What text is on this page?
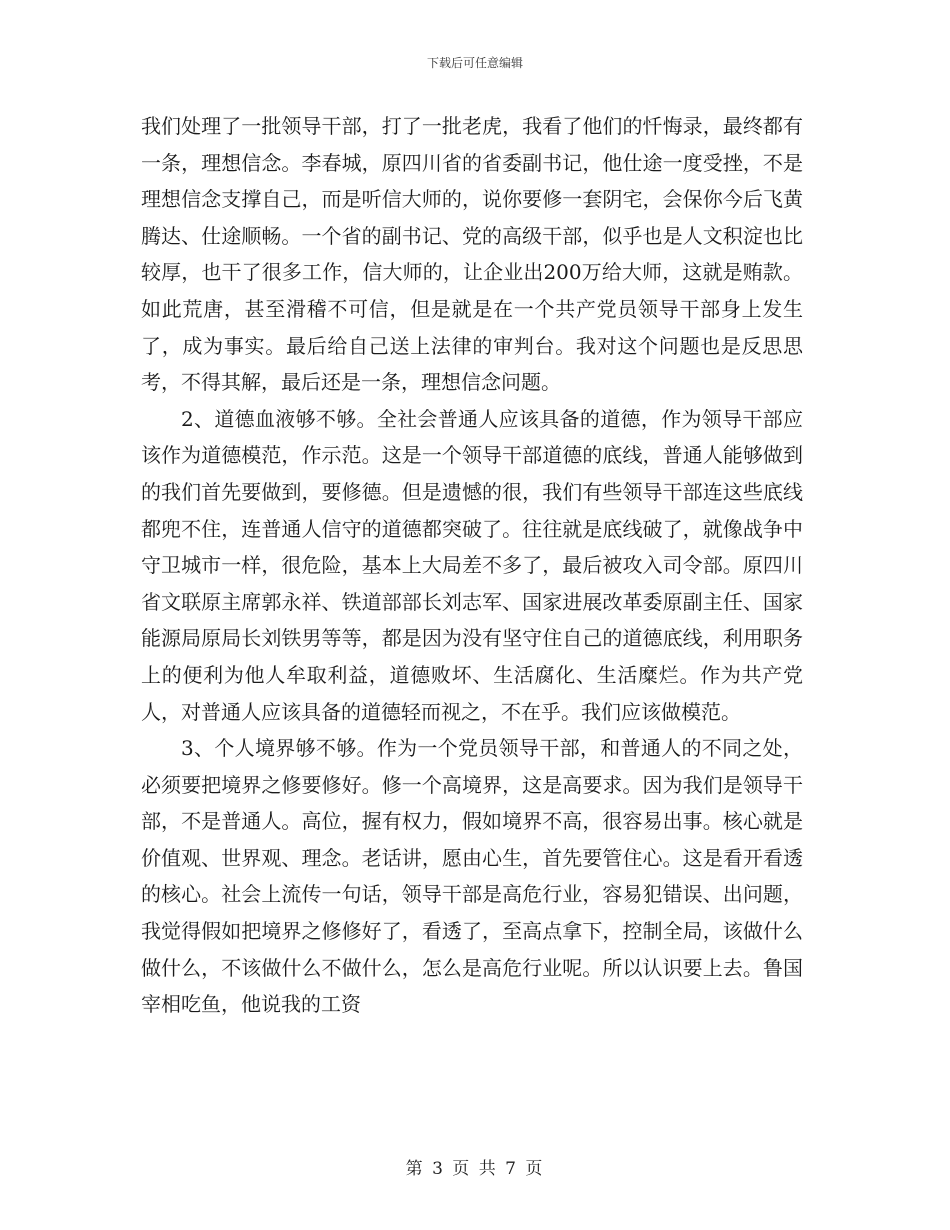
下载后可任意编辑

我们处理了一批领导干部，打了一批老虎，我看了他们的忏悔录，最终都有一条，理想信念。李春城，原四川省的省委副书记，他仕途一度受挫，不是理想信念支撑自己，而是听信大师的，说你要修一套阴宅，会保你今后飞黄腾达、仕途顺畅。一个省的副书记、党的高级干部，似乎也是人文积淀也比较厚，也干了很多工作，信大师的，让企业出200万给大师，这就是贿款。如此荒唐，甚至滑稽不可信，但是就是在一个共产党员领导干部身上发生了，成为事实。最后给自己送上法律的审判台。我对这个问题也是反思思考，不得其解，最后还是一条，理想信念问题。

2、道德血液够不够。全社会普通人应该具备的道德，作为领导干部应该作为道德模范，作示范。这是一个领导干部道德的底线，普通人能够做到的我们首先要做到，要修德。但是遗憾的很，我们有些领导干部连这些底线都兜不住，连普通人信守的道德都突破了。往往就是底线破了，就像战争中守卫城市一样，很危险，基本上大局差不多了，最后被攻入司令部。原四川省文联原主席郭永祥、铁道部部长刘志军、国家进展改革委原副主任、国家能源局原局长刘铁男等等，都是因为没有坚守住自己的道德底线，利用职务上的便利为他人牟取利益，道德败坏、生活腐化、生活糜烂。作为共产党人，对普通人应该具备的道德轻而视之，不在乎。我们应该做模范。

3、个人境界够不够。作为一个党员领导干部，和普通人的不同之处，必须要把境界之修要修好。修一个高境界，这是高要求。因为我们是领导干部，不是普通人。高位，握有权力，假如境界不高，很容易出事。核心就是价值观、世界观、理念。老话讲，愿由心生，首先要管住心。这是看开看透的核心。社会上流传一句话，领导干部是高危行业，容易犯错误、出问题，我觉得假如把境界之修修好了，看透了，至高点拿下，控制全局，该做什么做什么，不该做什么不做什么，怎么是高危行业呢。所以认识要上去。鲁国宰相吃鱼，他说我的工资

第 3 页 共 7 页
